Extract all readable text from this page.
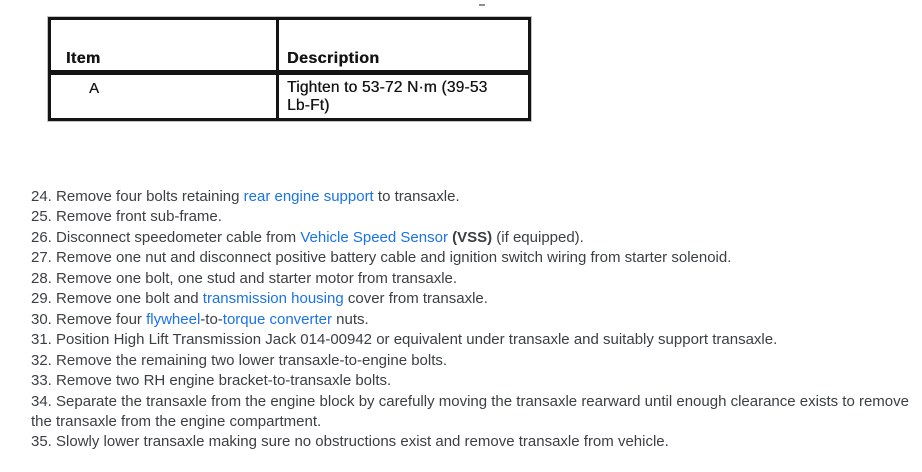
Item	Description
A	Tighten to 53-72 N·m (39-53 Lb-Ft)
24. Remove four bolts retaining rear engine support to transaxle.
25. Remove front sub-frame.
26. Disconnect speedometer cable from Vehicle Speed Sensor (VSS) (if equipped).
27. Remove one nut and disconnect positive battery cable and ignition switch wiring from starter solenoid.
28. Remove one bolt, one stud and starter motor from transaxle.
29. Remove one bolt and transmission housing cover from transaxle.
30. Remove four flywheel-to-torque converter nuts.
31. Position High Lift Transmission Jack 014-00942 or equivalent under transaxle and suitably support transaxle.
32. Remove the remaining two lower transaxle-to-engine bolts.
33. Remove two RH engine bracket-to-transaxle bolts.
34. Separate the transaxle from the engine block by carefully moving the transaxle rearward until enough clearance exists to remove the transaxle from the engine compartment.
35. Slowly lower transaxle making sure no obstructions exist and remove transaxle from vehicle.
